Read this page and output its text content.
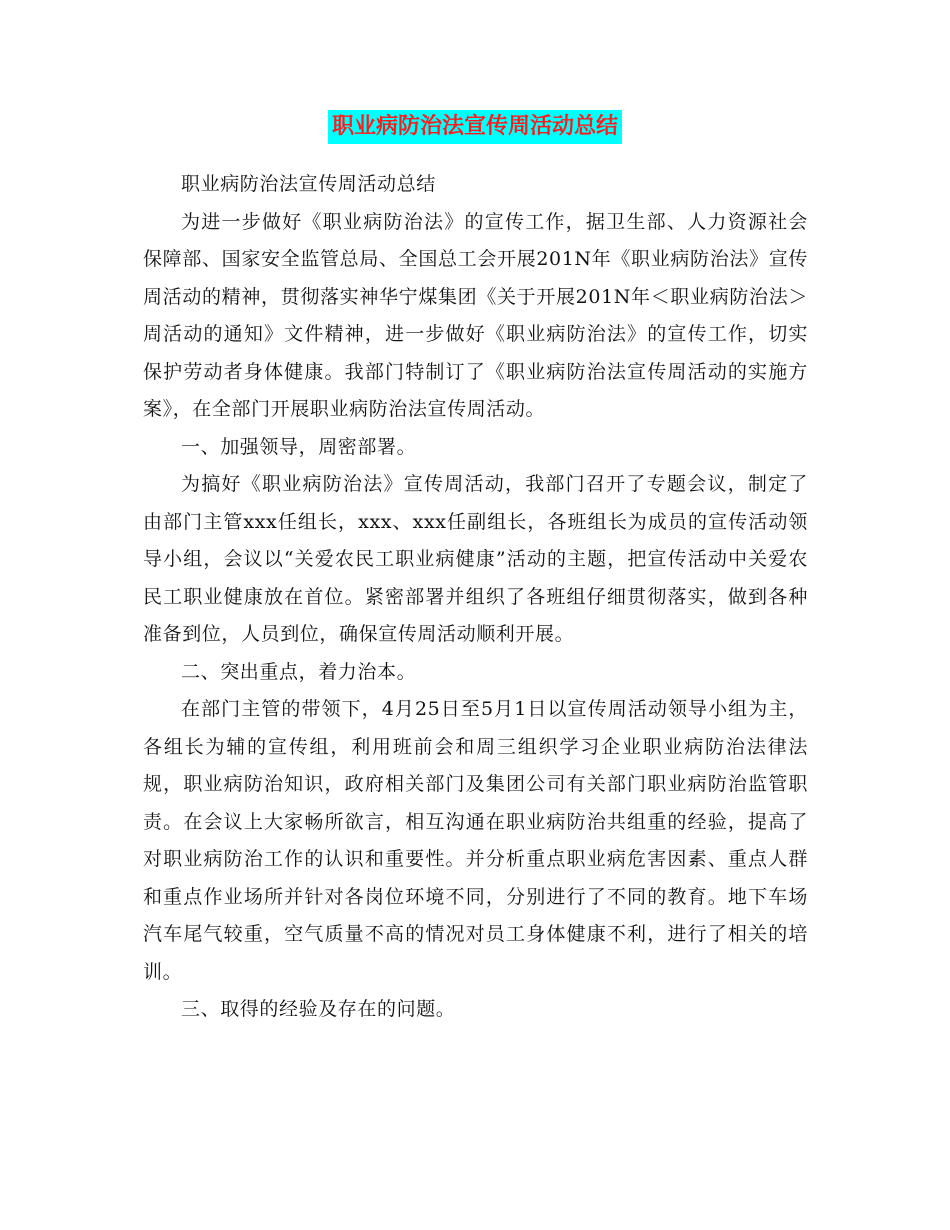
职业病防治法宣传周活动总结

职业病防治法宣传周活动总结

为进一步做好《职业病防治法》的宣传工作，据卫生部、人力资源社会保障部、国家安全监管总局、全国总工会开展201N年《职业病防治法》宣传周活动的精神，贯彻落实神华宁煤集团《关于开展201N年＜职业病防治法＞周活动的通知》文件精神，进一步做好《职业病防治法》的宣传工作，切实保护劳动者身体健康。我部门特制订了《职业病防治法宣传周活动的实施方案》，在全部门开展职业病防治法宣传周活动。

一、加强领导，周密部署。

为搞好《职业病防治法》宣传周活动，我部门召开了专题会议，制定了由部门主管xxx任组长，xxx、xxx任副组长，各班组长为成员的宣传活动领导小组，会议以“关爱农民工职业病健康”活动的主题，把宣传活动中关爱农民工职业健康放在首位。紧密部署并组织了各班组仔细贯彻落实，做到各种准备到位，人员到位，确保宣传周活动顺利开展。

二、突出重点，着力治本。

在部门主管的带领下，4月25日至5月1日以宣传周活动领导小组为主，各组长为辅的宣传组，利用班前会和周三组织学习企业职业病防治法律法规，职业病防治知识，政府相关部门及集团公司有关部门职业病防治监管职责。在会议上大家畅所欲言，相互沟通在职业病防治共组重的经验，提高了对职业病防治工作的认识和重要性。并分析重点职业病危害因素、重点人群和重点作业场所并针对各岗位环境不同，分别进行了不同的教育。地下车场汽车尾气较重，空气质量不高的情况对员工身体健康不利，进行了相关的培训。

三、取得的经验及存在的问题。
